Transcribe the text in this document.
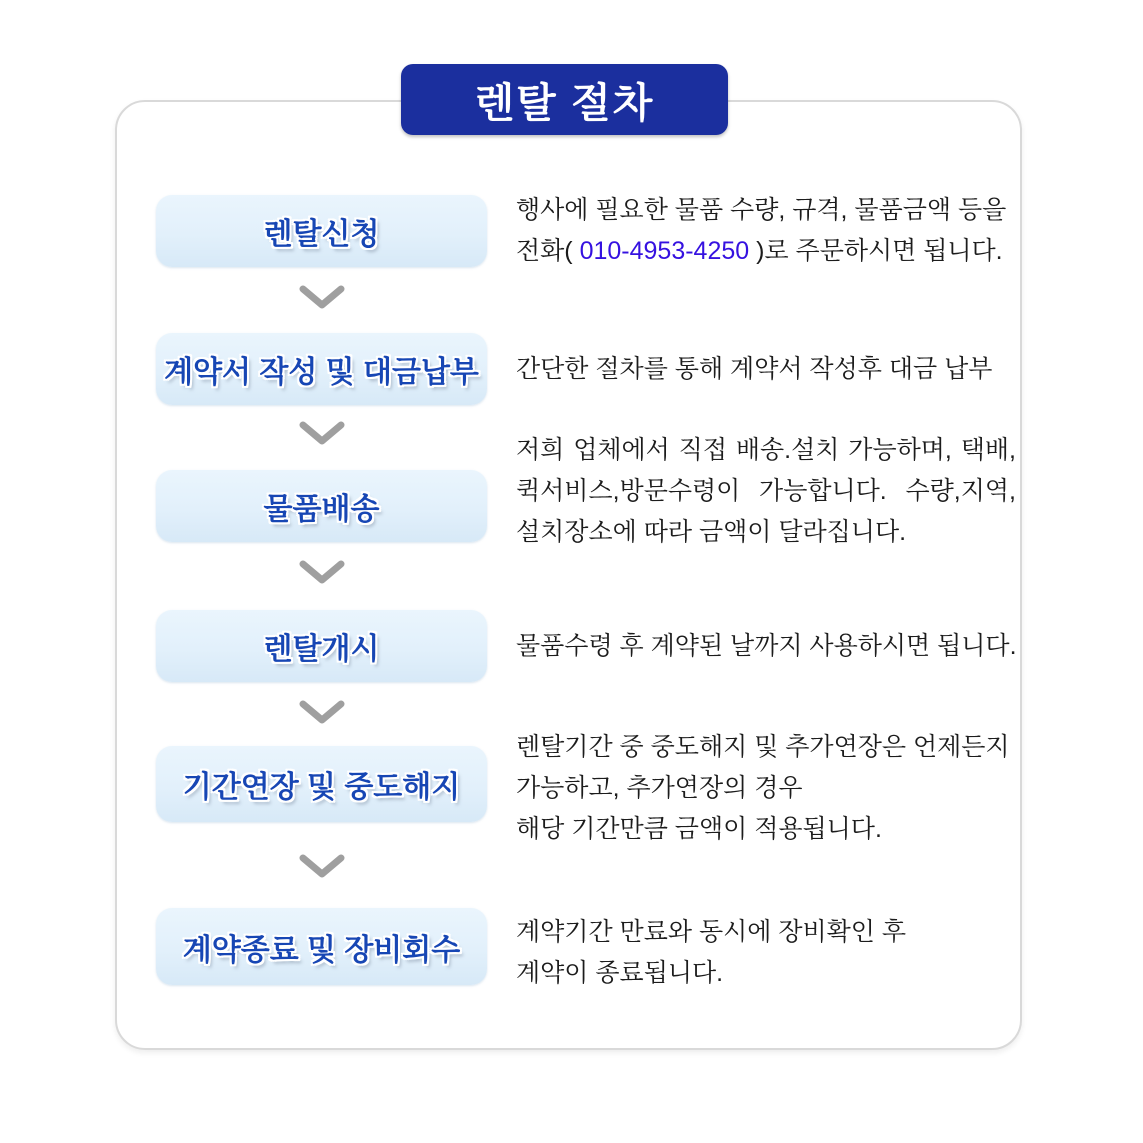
렌탈 절차
렌탈신청
행사에 필요한 물품 수량, 규격, 물품금액 등을
전화( 010-4953-4250 )로 주문하시면 됩니다.
계약서 작성 및 대금납부 간단한 절차를 통해 계약서 작성후 대금 납부
물품배송
저희 업체에서 직접 배송.설치 가능하며, 택배,퀵서비스,방문수령이 가능합니다. 수량,지역,설치장소에 따라 금액이 달라집니다.
렌탈개시	물품수령 후 계약된 날까지 사용하시면 됩니다.
기간연장 및 중도해지
렌탈기간 중 중도해지 및 추가연장은 언제든지
가능하고, 추가연장의 경우
해당 기간만큼 금액이 적용됩니다.
계약종료 및 장비회수
계약기간 만료와 동시에 장비확인 후
계약이 종료됩니다.
